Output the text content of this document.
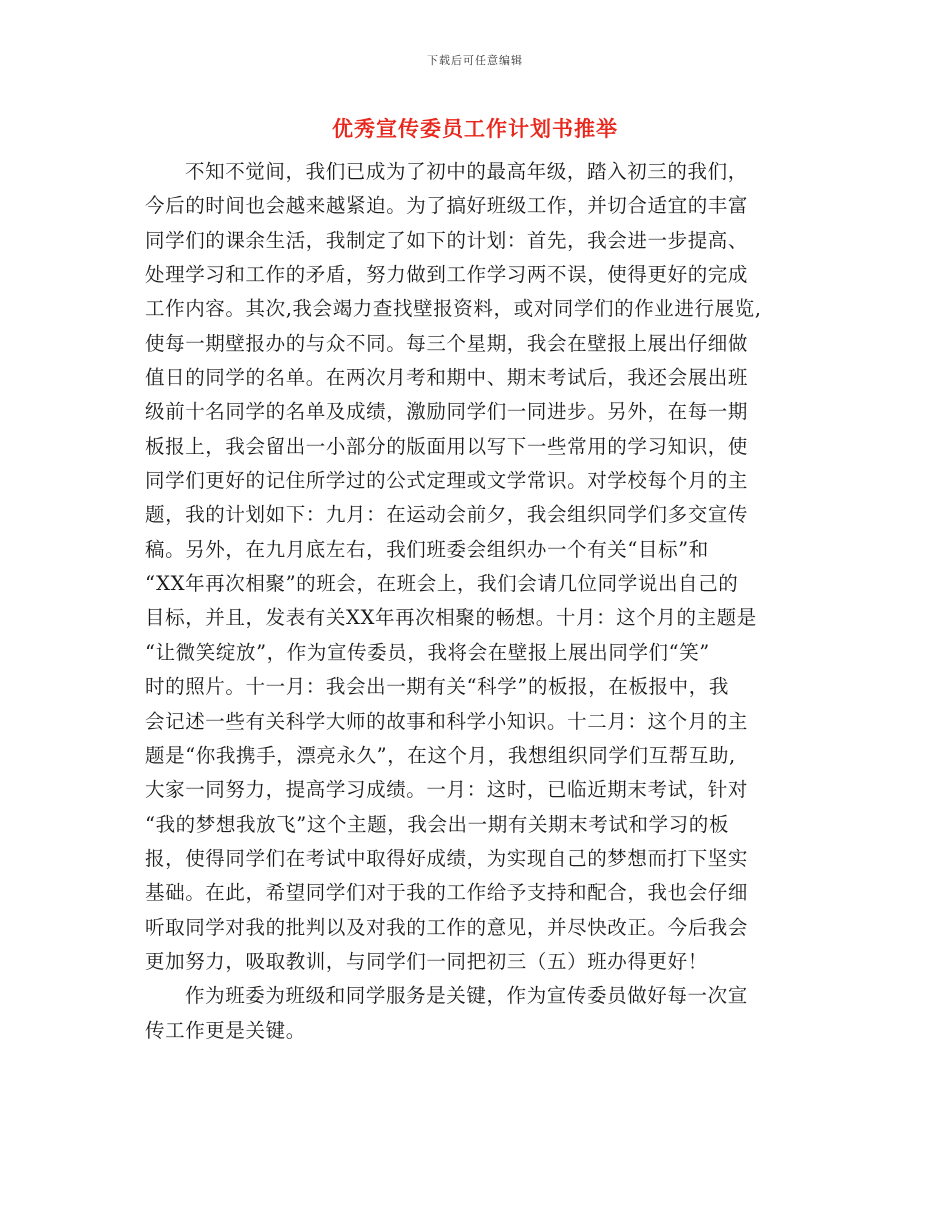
下载后可任意编辑
优秀宣传委员工作计划书推举
不知不觉间，我们已成为了初中的最高年级，踏入初三的我们，
今后的时间也会越来越紧迫。为了搞好班级工作，并切合适宜的丰富
同学们的课余生活，我制定了如下的计划：首先，我会进一步提高、
处理学习和工作的矛盾，努力做到工作学习两不误，使得更好的完成
工作内容。其次,我会竭力查找壁报资料，或对同学们的作业进行展览,
使每一期壁报办的与众不同。每三个星期，我会在壁报上展出仔细做
值日的同学的名单。在两次月考和期中、期末考试后，我还会展出班
级前十名同学的名单及成绩，激励同学们一同进步。另外，在每一期
板报上，我会留出一小部分的版面用以写下一些常用的学习知识，使
同学们更好的记住所学过的公式定理或文学常识。对学校每个月的主
题，我的计划如下：九月：在运动会前夕，我会组织同学们多交宣传
稿。另外，在九月底左右，我们班委会组织办一个有关“目标”和
“XX年再次相聚”的班会，在班会上，我们会请几位同学说出自己的
目标，并且，发表有关XX年再次相聚的畅想。十月：这个月的主题是
“让微笑绽放”，作为宣传委员，我将会在壁报上展出同学们“笑”
时的照片。十一月：我会出一期有关“科学”的板报，在板报中，我
会记述一些有关科学大师的故事和科学小知识。十二月：这个月的主
题是“你我携手，漂亮永久”，在这个月，我想组织同学们互帮互助,
大家一同努力，提高学习成绩。一月：这时，已临近期末考试，针对
“我的梦想我放飞”这个主题，我会出一期有关期末考试和学习的板
报，使得同学们在考试中取得好成绩，为实现自己的梦想而打下坚实
基础。在此，希望同学们对于我的工作给予支持和配合，我也会仔细
听取同学对我的批判以及对我的工作的意见，并尽快改正。今后我会
更加努力，吸取教训，与同学们一同把初三（五）班办得更好！
作为班委为班级和同学服务是关键，作为宣传委员做好每一次宣
传工作更是关键。
